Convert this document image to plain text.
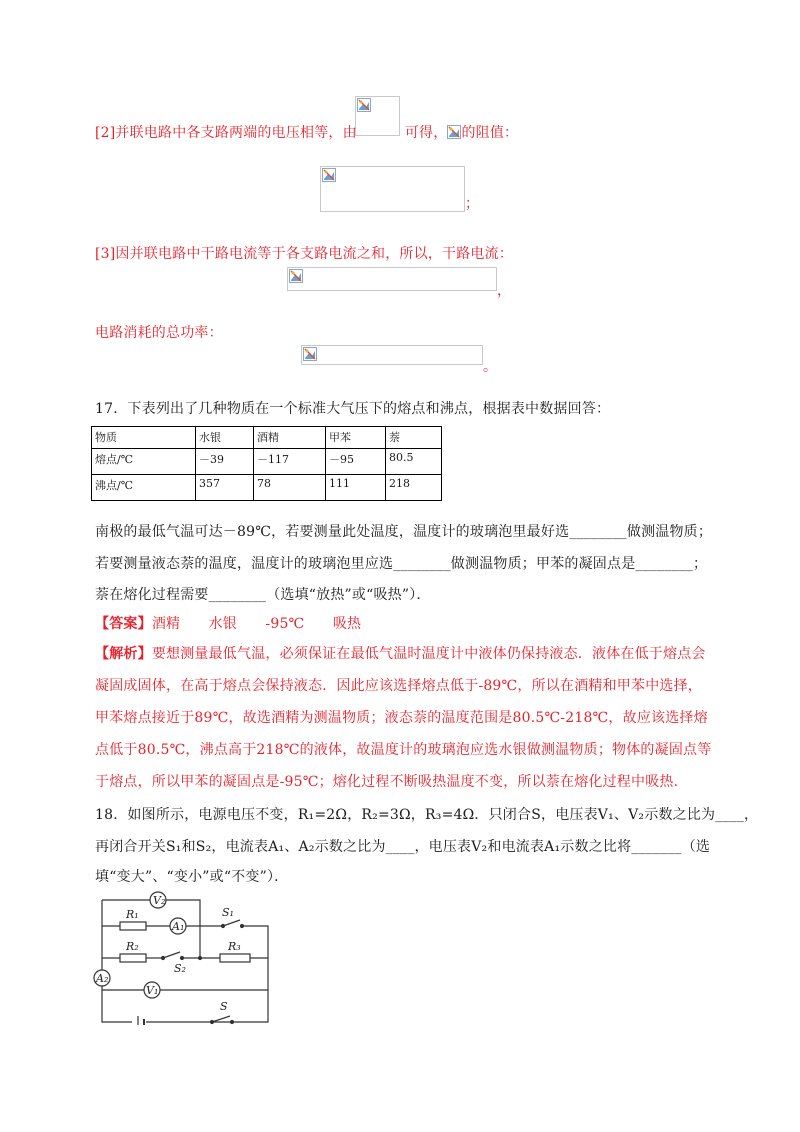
[2]并联电路中各支路两端的电压相等，由	可得， 的阻值：
；
[3]因并联电路中干路电流等于各支路电流之和，所以，干路电流：
，
电路消耗的总功率：
。
17．下表列出了几种物质在一个标准大气压下的熔点和沸点，根据表中数据回答：
物质	水银	酒精	甲苯	萘
熔点/℃	－39	－117	－95	80.5
沸点/℃	357	78	111	218
南极的最低气温可达－89℃，若要测量此处温度，温度计的玻璃泡里最好选________做测温物质；
若要测量液态萘的温度，温度计的玻璃泡里应选________做测温物质；甲苯的凝固点是________；
萘在熔化过程需要________（选填“放热”或“吸热”）．
【答案】酒精　　水银　　-95℃　　吸热
【解析】要想测量最低气温，必须保证在最低气温时温度计中液体仍保持液态．液体在低于熔点会
凝固成固体，在高于熔点会保持液态．因此应该选择熔点低于-89℃，所以在酒精和甲苯中选择，
甲苯熔点接近于89℃，故选酒精为测温物质；液态萘的温度范围是80.5℃-218℃，故应该选择熔
点低于80.5℃，沸点高于218℃的液体，故温度计的玻璃泡应选水银做测温物质；物体的凝固点等
于熔点，所以甲苯的凝固点是-95℃；熔化过程不断吸热温度不变，所以萘在熔化过程中吸热．
18．如图所示，电源电压不变，R₁=2Ω，R₂=3Ω，R₃=4Ω．只闭合S，电压表V₁、V₂示数之比为____，
再闭合开关S₁和S₂，电流表A₁、A₂示数之比为____，电压表V₂和电流表A₁示数之比将_______（选
填“变大”、“变小”或“不变”）．
V₂
R₁
A₁
S₁
R₂
S₂
R₃
A₂
V₁
S
